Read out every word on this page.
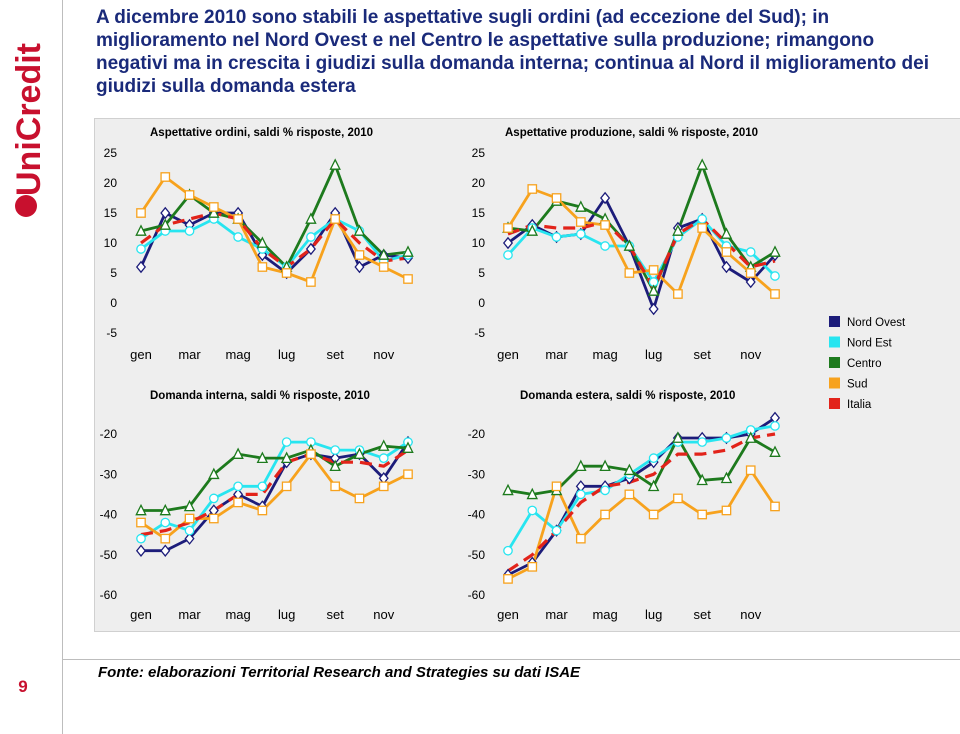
UniCredit
9
A dicembre 2010 sono stabili le aspettative sugli ordini (ad eccezione del Sud); in miglioramento nel Nord Ovest e nel Centro le aspettative sulla produzione; rimangono negativi ma in crescita i giudizi sulla domanda interna; continua al Nord il miglioramento dei giudizi sulla domanda estera
Aspettative ordini, saldi % risposte, 2010
25
20
15
10
5
0
-5
gen mar mag lug set nov
Aspettative produzione, saldi % risposte, 2010
25
20
15
10
5
0
-5
gen mar mag lug set nov
Domanda interna, saldi % risposte, 2010
-20
-30
-40
-50
-60
gen mar mag lug set nov
Domanda estera, saldi % risposte, 2010
-20
-30
-40
-50
-60
gen mar mag lug set nov
Nord Ovest
Nord Est
Centro
Sud
Italia
Fonte: elaborazioni Territorial Research and Strategies su dati ISAE
